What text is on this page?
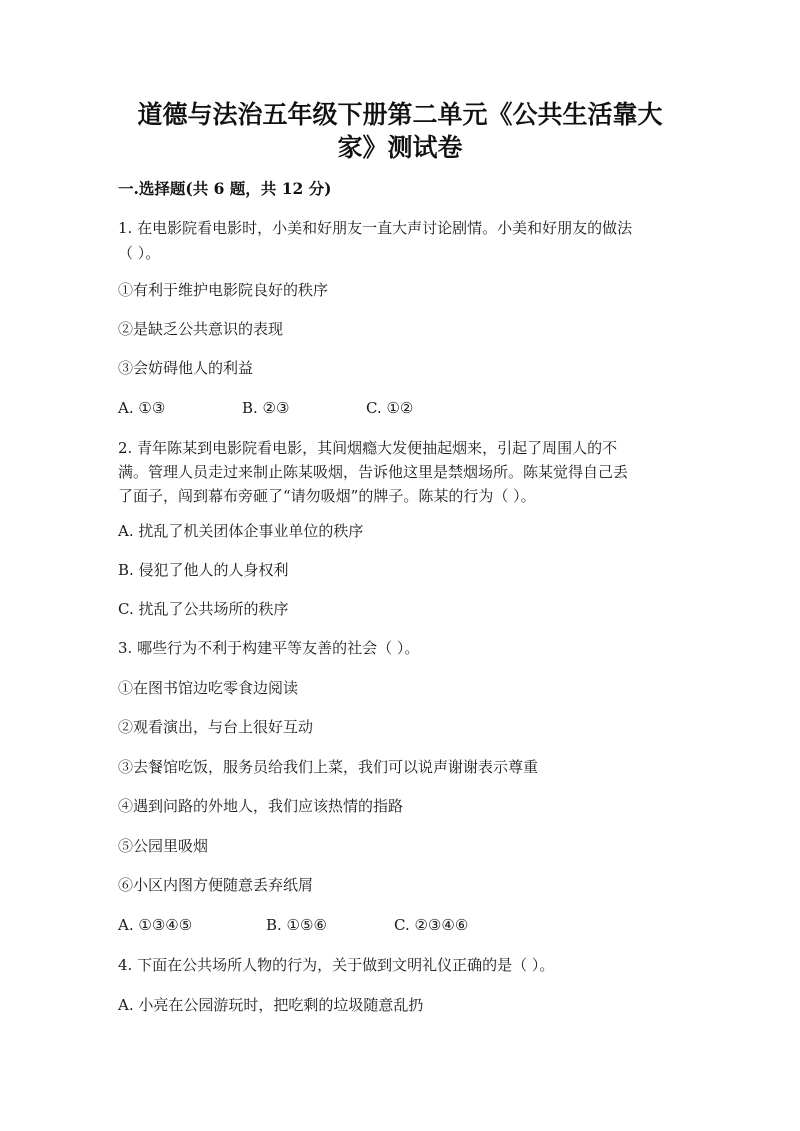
道德与法治五年级下册第二单元《公共生活靠大
家》测试卷
一.选择题(共 6 题，共 12 分)
1. 在电影院看电影时，小美和好朋友一直大声讨论剧情。小美和好朋友的做法
（ ）。
①有利于维护电影院良好的秩序
②是缺乏公共意识的表现
③会妨碍他人的利益
A. ①③	B. ②③	C. ①②
2. 青年陈某到电影院看电影，其间烟瘾大发便抽起烟来，引起了周围人的不
满。管理人员走过来制止陈某吸烟，告诉他这里是禁烟场所。陈某觉得自己丢
了面子，闯到幕布旁砸了“请勿吸烟”的牌子。陈某的行为（ ）。
A. 扰乱了机关团体企事业单位的秩序
B. 侵犯了他人的人身权利
C. 扰乱了公共场所的秩序
3. 哪些行为不利于构建平等友善的社会（ ）。
①在图书馆边吃零食边阅读
②观看演出，与台上很好互动
③去餐馆吃饭，服务员给我们上菜，我们可以说声谢谢表示尊重
④遇到问路的外地人，我们应该热情的指路
⑤公园里吸烟
⑥小区内图方便随意丢弃纸屑
A. ①③④⑤	B. ①⑤⑥	C. ②③④⑥
4. 下面在公共场所人物的行为，关于做到文明礼仪正确的是（ ）。
A. 小亮在公园游玩时，把吃剩的垃圾随意乱扔
